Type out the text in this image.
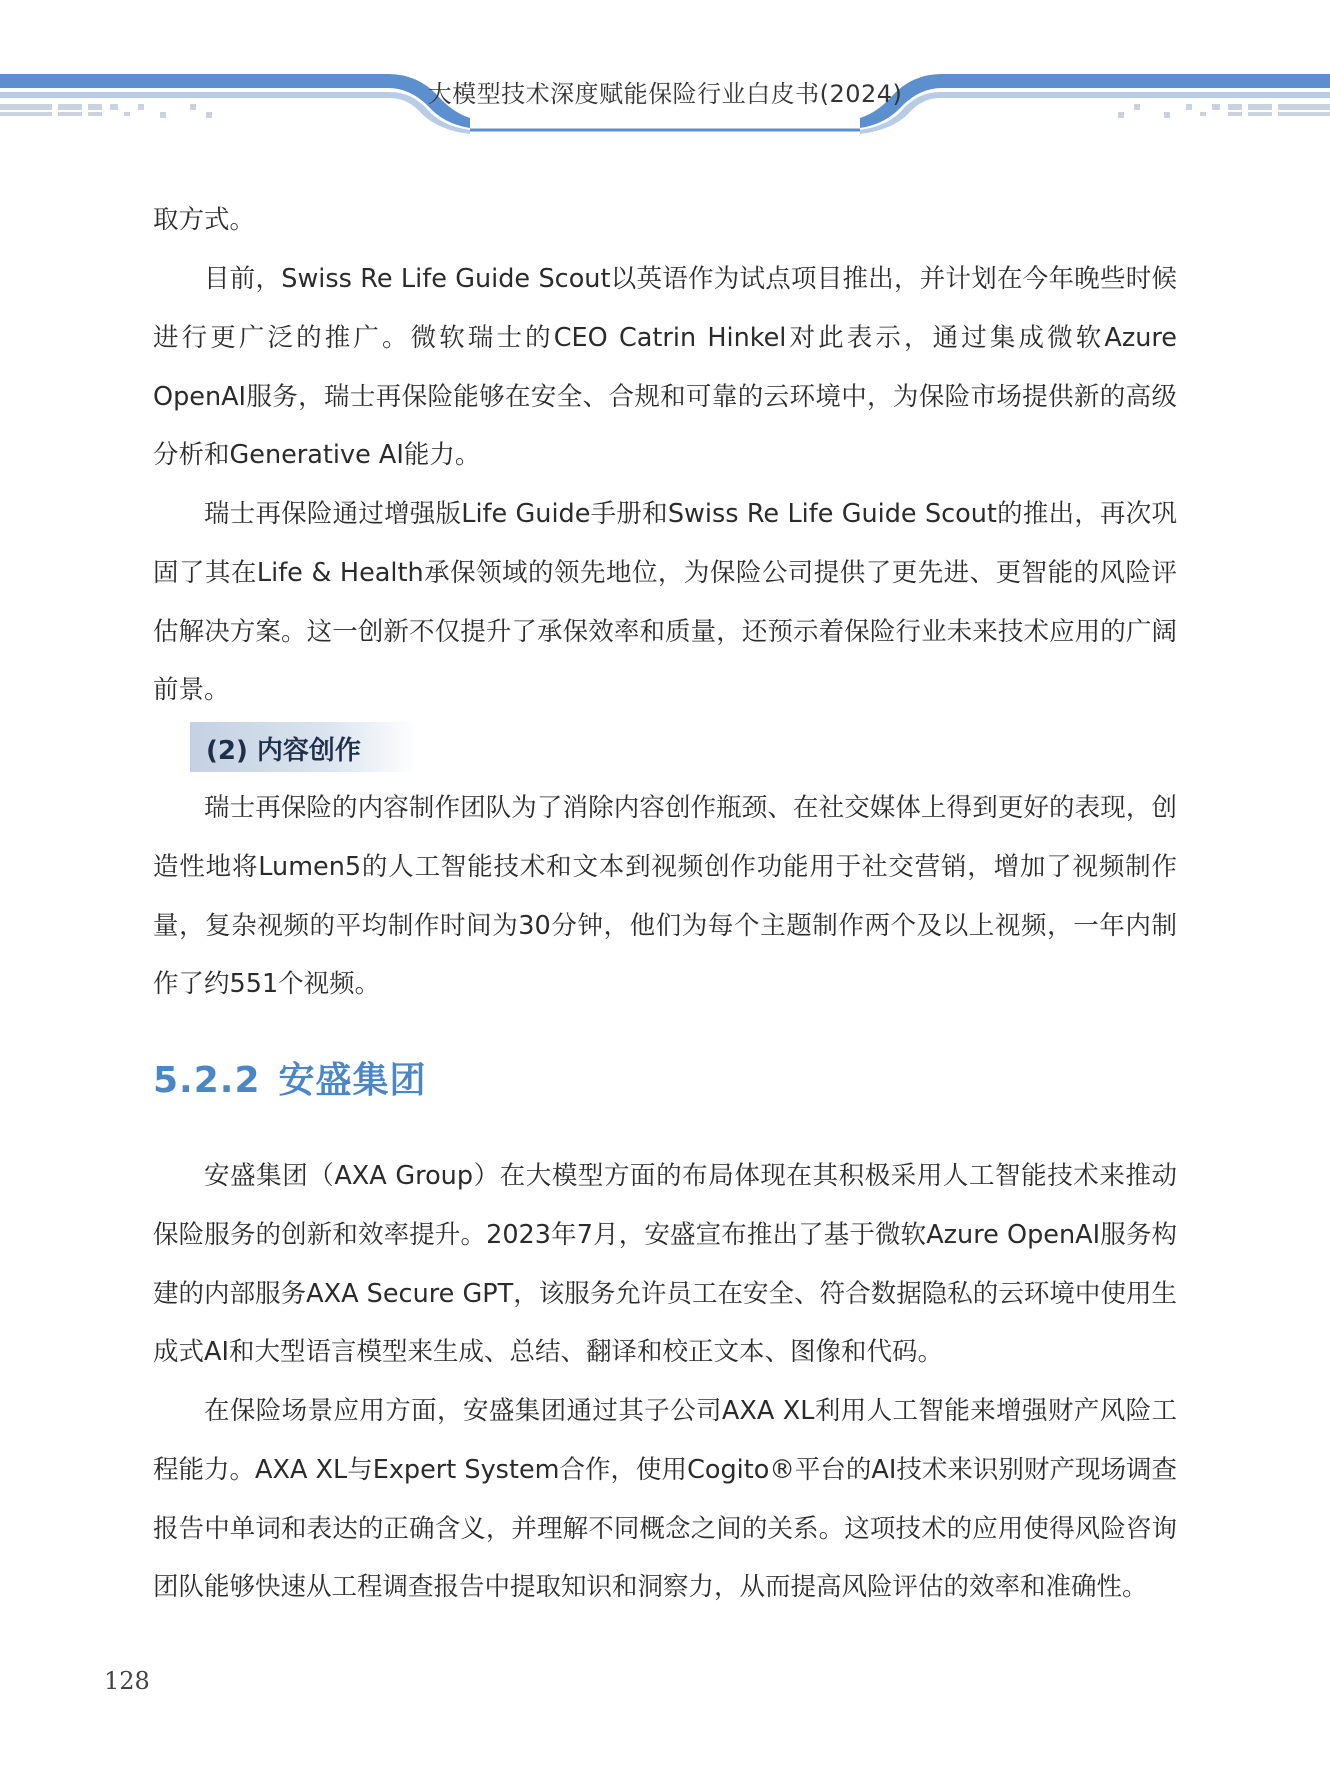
大模型技术深度赋能保险行业白皮书(2024)
取方式。
目前，Swiss Re Life Guide Scout以英语作为试点项目推出，并计划在今年晚些时候进行更广泛的推广。微软瑞士的CEO Catrin Hinkel对此表示，通过集成微软Azure OpenAI服务，瑞士再保险能够在安全、合规和可靠的云环境中，为保险市场提供新的高级分析和Generative AI能力。
瑞士再保险通过增强版Life Guide手册和Swiss Re Life Guide Scout的推出，再次巩固了其在Life & Health承保领域的领先地位，为保险公司提供了更先进、更智能的风险评估解决方案。这一创新不仅提升了承保效率和质量，还预示着保险行业未来技术应用的广阔前景。
(2) 内容创作
瑞士再保险的内容制作团队为了消除内容创作瓶颈、在社交媒体上得到更好的表现，创造性地将Lumen5的人工智能技术和文本到视频创作功能用于社交营销，增加了视频制作量，复杂视频的平均制作时间为30分钟，他们为每个主题制作两个及以上视频，一年内制作了约551个视频。
5.2.2 安盛集团
安盛集团（AXA Group）在大模型方面的布局体现在其积极采用人工智能技术来推动保险服务的创新和效率提升。2023年7月，安盛宣布推出了基于微软Azure OpenAI服务构建的内部服务AXA Secure GPT，该服务允许员工在安全、符合数据隐私的云环境中使用生成式AI和大型语言模型来生成、总结、翻译和校正文本、图像和代码。
在保险场景应用方面，安盛集团通过其子公司AXA XL利用人工智能来增强财产风险工程能力。AXA XL与Expert System合作，使用Cogito®平台的AI技术来识别财产现场调查报告中单词和表达的正确含义，并理解不同概念之间的关系。这项技术的应用使得风险咨询团队能够快速从工程调查报告中提取知识和洞察力，从而提高风险评估的效率和准确性。
128
